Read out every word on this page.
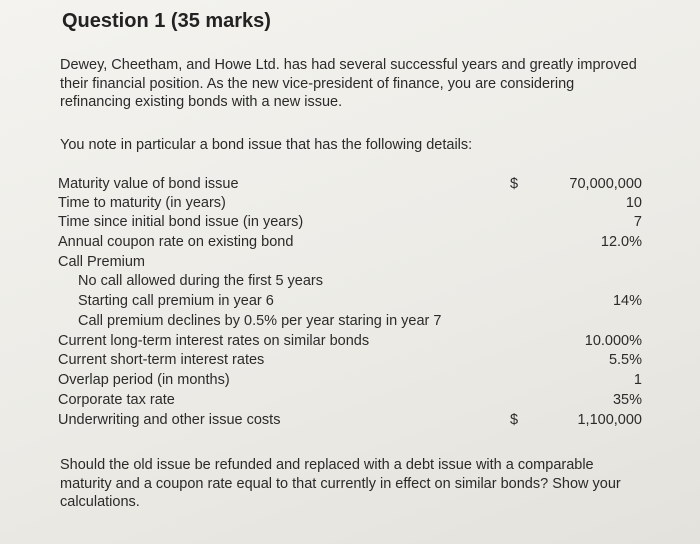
Question 1 (35 marks)
Dewey, Cheetham, and Howe Ltd. has had several successful years and greatly improved their financial position. As the new vice-president of finance, you are considering refinancing existing bonds with a new issue.
You note in particular a bond issue that has the following details:
Maturity value of bond issue	$	70,000,000
Time to maturity (in years)	10
Time since initial bond issue (in years)	7
Annual coupon rate on existing bond	12.0%
Call Premium
No call allowed during the first 5 years
Starting call premium in year 6	14%
Call premium declines by 0.5% per year staring in year 7
Current long-term interest rates on similar bonds	10.000%
Current short-term interest rates	5.5%
Overlap period (in months)	1
Corporate tax rate	35%
Underwriting and other issue costs	$	1,100,000
Should the old issue be refunded and replaced with a debt issue with a comparable maturity and a coupon rate equal to that currently in effect on similar bonds? Show your calculations.
